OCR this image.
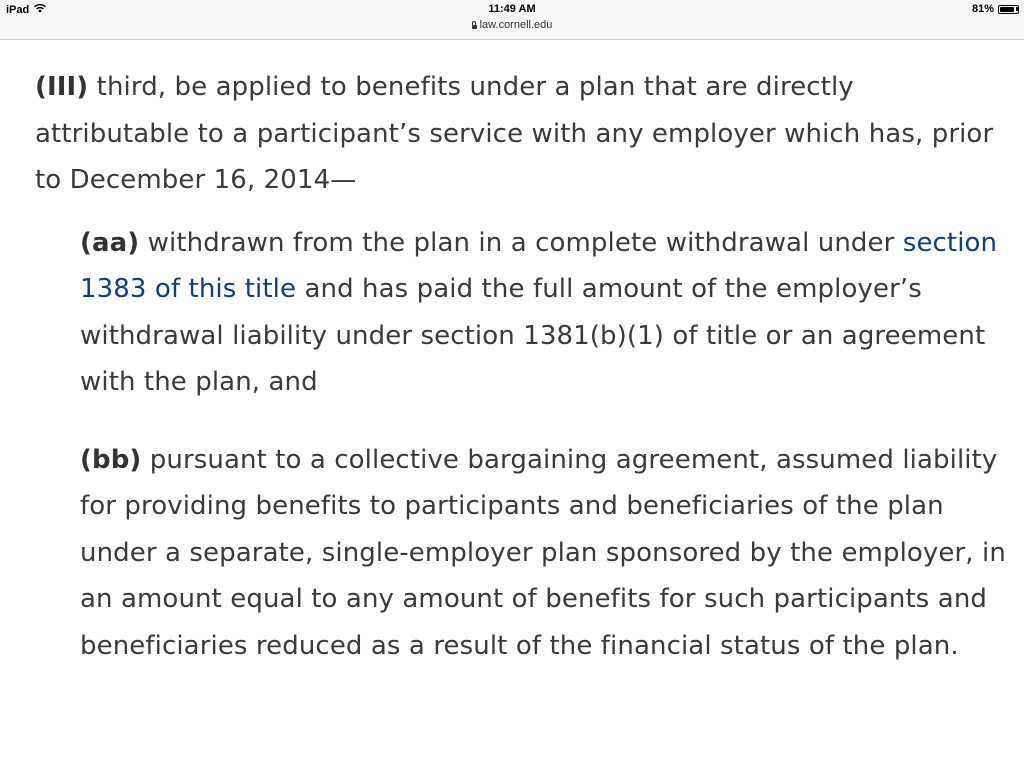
iPad	11:49 AM	81%
law.cornell.edu

(III) third, be applied to benefits under a plan that are directly attributable to a participant’s service with any employer which has, prior to December 16, 2014—

(aa) withdrawn from the plan in a complete withdrawal under section 1383 of this title and has paid the full amount of the employer’s withdrawal liability under section 1381(b)(1) of title or an agreement with the plan, and

(bb) pursuant to a collective bargaining agreement, assumed liability for providing benefits to participants and beneficiaries of the plan under a separate, single-employer plan sponsored by the employer, in an amount equal to any amount of benefits for such participants and beneficiaries reduced as a result of the financial status of the plan.
